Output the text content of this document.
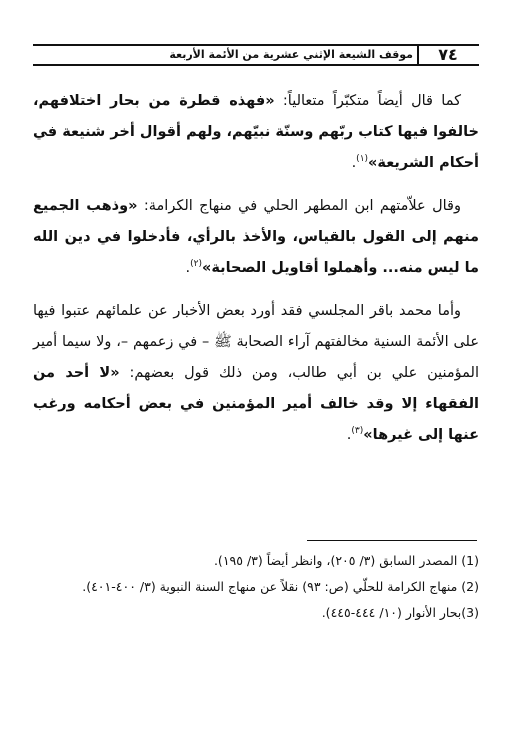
٧٤
موقف الشيعة الإثني عشرية من الأئمة الأربعة

كما قال أيضاً متكبّراً متعالياً: «فهذه قطرة من بحار اختلافهم، خالفوا فيها كتاب ربّهم وسنّة نبيّهم، ولهم أقوال أخر شنيعة في أحكام الشريعة»$^{(١)}$.

وقال علاّمتهم ابن المطهر الحلي في منهاج الكرامة: «وذهب الجميع منهم إلى القول بالقياس، والأخذ بالرأي، فأدخلوا في دين الله ما ليس منه... وأهملوا أقاويل الصحابة»$^{(٢)}$.

وأما محمد باقر المجلسي فقد أورد بعض الأخبار عن علمائهم عتبوا فيها على الأئمة السنية مخالفتهم آراء الصحابة ﷺ – في زعمهم –، ولا سيما أمير المؤمنين علي بن أبي طالب، ومن ذلك قول بعضهم: «لا أحد من الفقهاء إلا وقد خالف أمير المؤمنين في بعض أحكامه ورغب عنها إلى غيرها»$^{(٣)}$.

(1) المصدر السابق (٣/ ٢٠٥)، وانظر أيضاً (٣/ ١٩٥).

(2) منهاج الكرامة للحلّي (ص: ٩٣) نقلاً عن منهاج السنة النبوية (٣/ ٤٠٠-٤٠١).

(3)بحار الأنوار (١٠/ ٤٤٤-٤٤٥).
